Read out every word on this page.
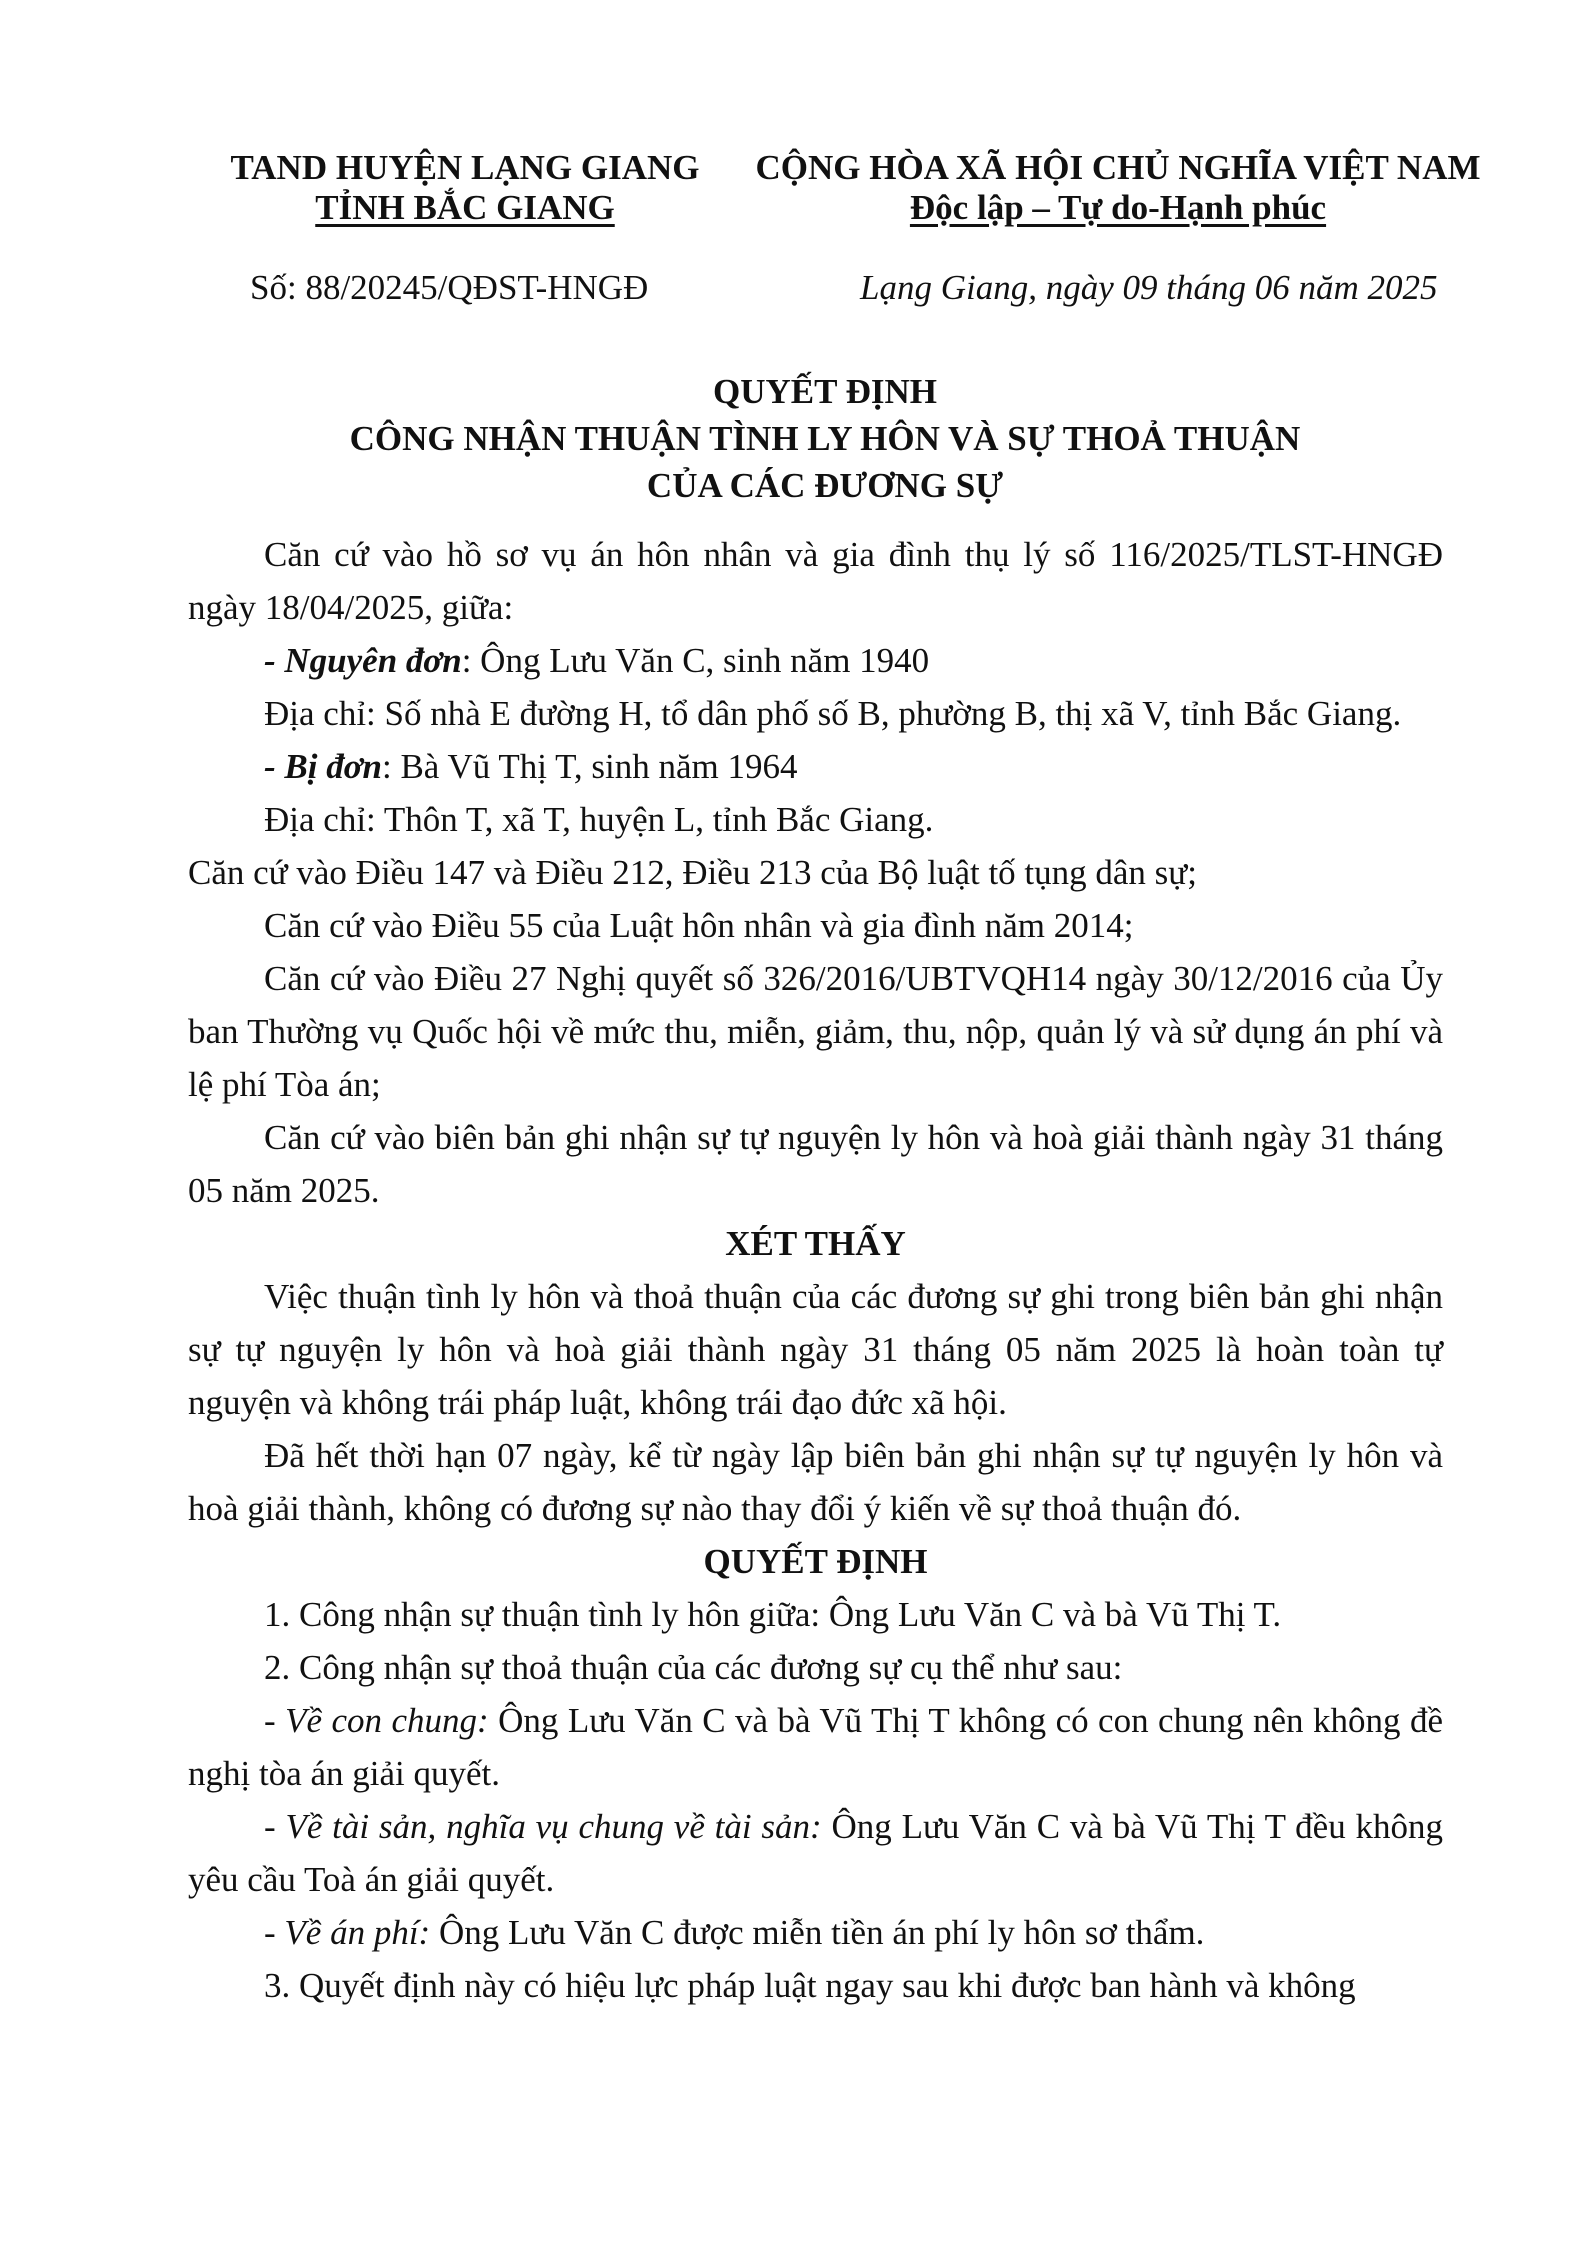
TAND HUYỆN LẠNG GIANG
TỈNH BẮC GIANG
CỘNG HÒA XÃ HỘI CHỦ NGHĨA VIỆT NAM
Độc lập – Tự do-Hạnh phúc
Số: 88/20245/QĐST-HNGĐ	Lạng Giang, ngày 09 tháng 06 năm 2025
QUYẾT ĐỊNH
CÔNG NHẬN THUẬN TÌNH LY HÔN VÀ SỰ THOẢ THUẬN
CỦA CÁC ĐƯƠNG SỰ

Căn cứ vào hồ sơ vụ án hôn nhân và gia đình thụ lý số 116/2025/TLST-HNGĐ ngày 18/04/2025, giữa:

- Nguyên đơn: Ông Lưu Văn C, sinh năm 1940

Địa chỉ: Số nhà E đường H, tổ dân phố số B, phường B, thị xã V, tỉnh Bắc Giang.

- Bị đơn: Bà Vũ Thị T, sinh năm 1964

Địa chỉ: Thôn T, xã T, huyện L, tỉnh Bắc Giang.

Căn cứ vào Điều 147 và Điều 212, Điều 213 của Bộ luật tố tụng dân sự;

Căn cứ vào Điều 55 của Luật hôn nhân và gia đình năm 2014;

Căn cứ vào Điều 27 Nghị quyết số 326/2016/UBTVQH14 ngày 30/12/2016 của Ủy ban Thường vụ Quốc hội về mức thu, miễn, giảm, thu, nộp, quản lý và sử dụng án phí và lệ phí Tòa án;

Căn cứ vào biên bản ghi nhận sự tự nguyện ly hôn và hoà giải thành ngày 31 tháng 05 năm 2025.

XÉT THẤY

Việc thuận tình ly hôn và thoả thuận của các đương sự ghi trong biên bản ghi nhận sự tự nguyện ly hôn và hoà giải thành ngày 31 tháng 05 năm 2025 là hoàn toàn tự nguyện và không trái pháp luật, không trái đạo đức xã hội.

Đã hết thời hạn 07 ngày, kể từ ngày lập biên bản ghi nhận sự tự nguyện ly hôn và hoà giải thành, không có đương sự nào thay đổi ý kiến về sự thoả thuận đó.

QUYẾT ĐỊNH

1. Công nhận sự thuận tình ly hôn giữa: Ông Lưu Văn C và bà Vũ Thị T.

2. Công nhận sự thoả thuận của các đương sự cụ thể như sau:

- Về con chung: Ông Lưu Văn C và bà Vũ Thị T không có con chung nên không đề nghị tòa án giải quyết.

- Về tài sản, nghĩa vụ chung về tài sản: Ông Lưu Văn C và bà Vũ Thị T đều không yêu cầu Toà án giải quyết.

- Về án phí: Ông Lưu Văn C được miễn tiền án phí ly hôn sơ thẩm.

3. Quyết định này có hiệu lực pháp luật ngay sau khi được ban hành và không
